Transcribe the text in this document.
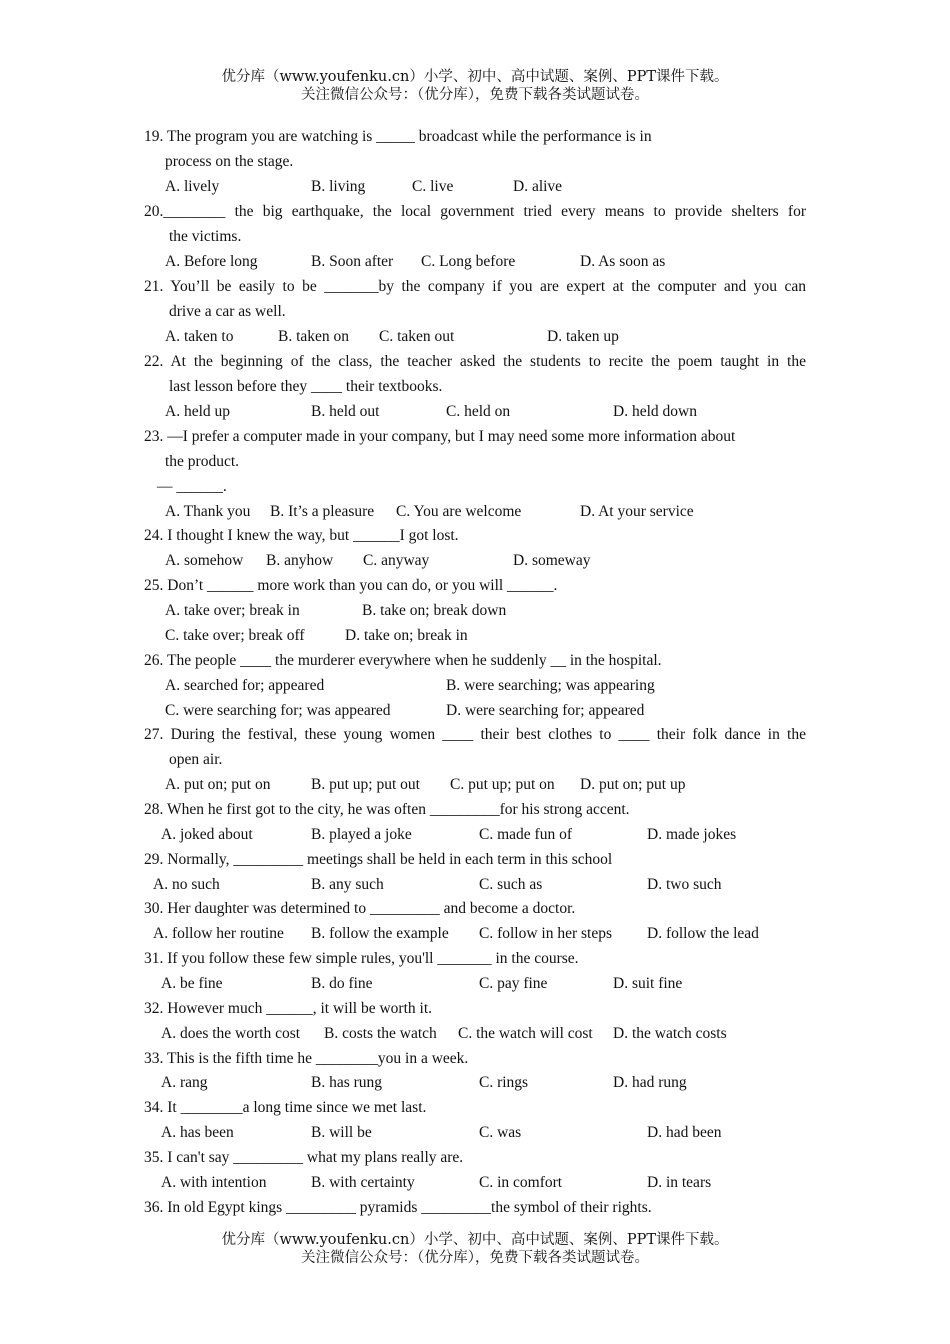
优分库（www.youfenku.cn）小学、初中、高中试题、案例、PPT课件下载。
关注微信公众号：（优分库），免费下载各类试题试卷。
19. The program you are watching is _____ broadcast while the performance is in
process on the stage.
A. lively	B. living	C. live	D. alive
20.________ the big earthquake, the local government tried every means to provide shelters for
the victims.
A. Before long	B. Soon after C. Long before	D. As soon as
21. You’ll be easily to be _______by the company if you are expert at the computer and you can
drive a car as well.
A. taken to	B. taken on C. taken out	D. taken up
22. At the beginning of the class, the teacher asked the students to recite the poem taught in the
last lesson before they ____ their textbooks.
A. held up	B. held out	C. held on	D. held down
23. —I prefer a computer made in your company, but I may need some more information about
the product.
— ______.
A. Thank you B. It’s a pleasure C. You are welcome	D. At your service
24. I thought I knew the way, but ______I got lost.
A. somehow B. anyhow C. anyway	D. someway
25. Don’t ______ more work than you can do, or you will ______.
A. take over; break in	B. take on; break down
C. take over; break off	D. take on; break in
26. The people ____ the murderer everywhere when he suddenly __ in the hospital.
A. searched for; appeared	B. were searching; was appearing
C. were searching for; was appeared	D. were searching for; appeared
27. During the festival, these young women ____ their best clothes to ____ their folk dance in the
open air.
A. put on; put on	B. put up; put out C. put up; put on D. put on; put up
28. When he first got to the city, he was often _________for his strong accent.
A. joked about	B. played a joke	C. made fun of	D. made jokes
29. Normally, _________ meetings shall be held in each term in this school
A. no such	B. any such	C. such as	D. two such
30. Her daughter was determined to _________ and become a doctor.
A. follow her routine B. follow the example C. follow in her steps D. follow the lead
31. If you follow these few simple rules, you'll _______ in the course.
A. be fine	B. do fine	C. pay fine	D. suit fine
32. However much ______, it will be worth it.
A. does the worth cost B. costs the watch C. the watch will cost D. the watch costs
33. This is the fifth time he ________you in a week.
A. rang	B. has rung	C. rings	D. had rung
34. It ________a long time since we met last.
A. has been	B. will be	C. was	D. had been
35. I can't say _________ what my plans really are.
A. with intention	B. with certainty	C. in comfort	D. in tears
36. In old Egypt kings _________ pyramids _________the symbol of their rights.
优分库（www.youfenku.cn）小学、初中、高中试题、案例、PPT课件下载。
关注微信公众号：（优分库），免费下载各类试题试卷。
